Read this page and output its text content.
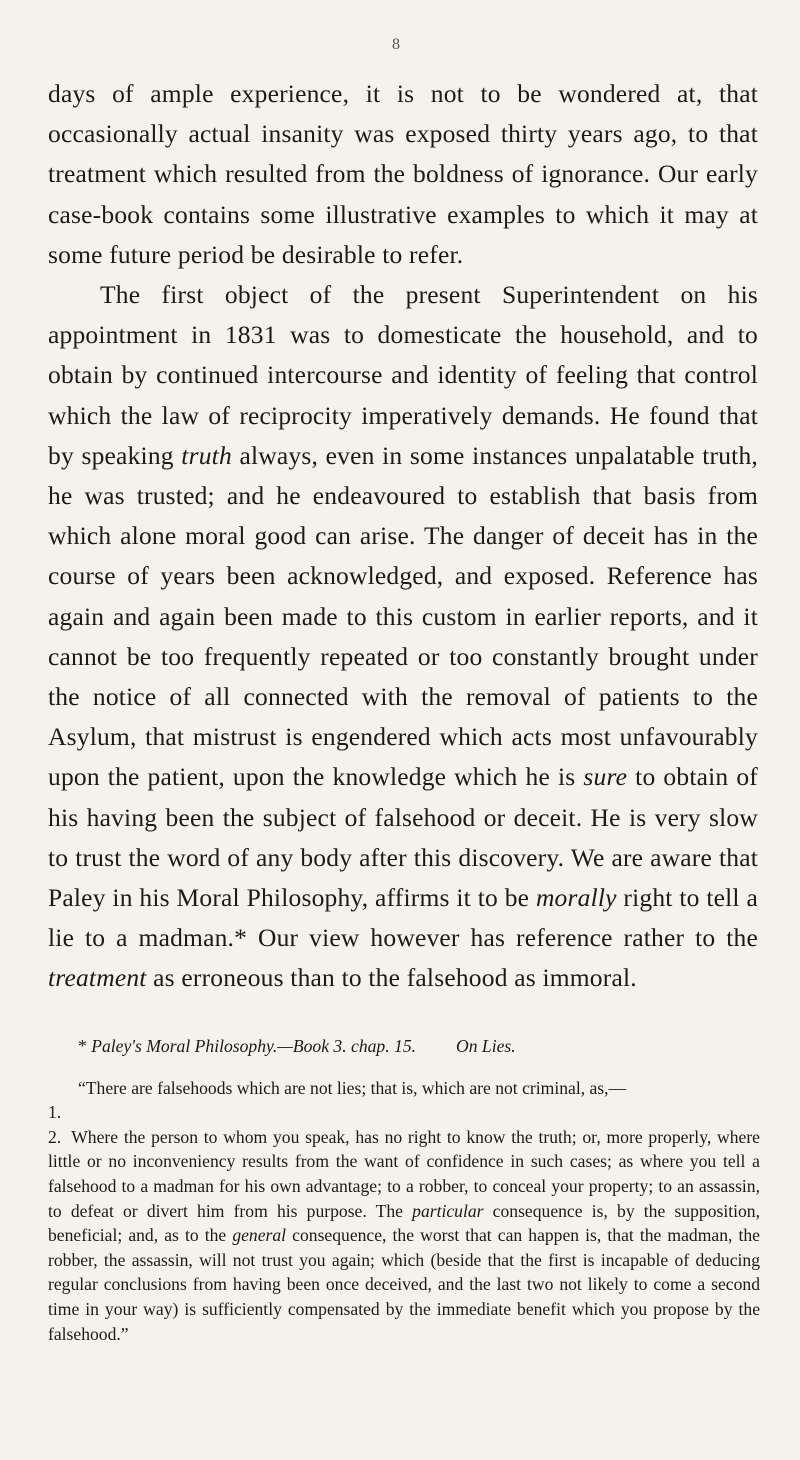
8

days of ample experience, it is not to be wondered at, that occasionally actual insanity was exposed thirty years ago, to that treatment which resulted from the boldness of ignorance. Our early case-book contains some illustrative examples to which it may at some future period be desirable to refer.

The first object of the present Superintendent on his appointment in 1831 was to domesticate the household, and to obtain by continued intercourse and identity of feeling that control which the law of reciprocity imperatively demands. He found that by speaking truth always, even in some instances unpalatable truth, he was trusted; and he endeavoured to establish that basis from which alone moral good can arise. The danger of deceit has in the course of years been acknowledged, and exposed. Reference has again and again been made to this custom in earlier reports, and it cannot be too frequently repeated or too constantly brought under the notice of all connected with the removal of patients to the Asylum, that mistrust is engendered which acts most unfavourably upon the patient, upon the knowledge which he is sure to obtain of his having been the subject of falsehood or deceit. He is very slow to trust the word of any body after this discovery. We are aware that Paley in his Moral Philosophy, affirms it to be morally right to tell a lie to a madman.* Our view however has reference rather to the treatment as erroneous than to the falsehood as immoral.

* Paley's Moral Philosophy.—Book 3. chap. 15. On Lies.

“There are falsehoods which are not lies; that is, which are not criminal, as,—

1.

2. Where the person to whom you speak, has no right to know the truth; or, more properly, where little or no inconveniency results from the want of confidence in such cases; as where you tell a falsehood to a madman for his own advantage; to a robber, to conceal your property; to an assassin, to defeat or divert him from his purpose. The particular consequence is, by the supposition, beneficial; and, as to the general consequence, the worst that can happen is, that the madman, the robber, the assassin, will not trust you again; which (beside that the first is incapable of deducing regular conclusions from having been once deceived, and the last two not likely to come a second time in your way) is sufficiently compensated by the immediate benefit which you propose by the falsehood.”
